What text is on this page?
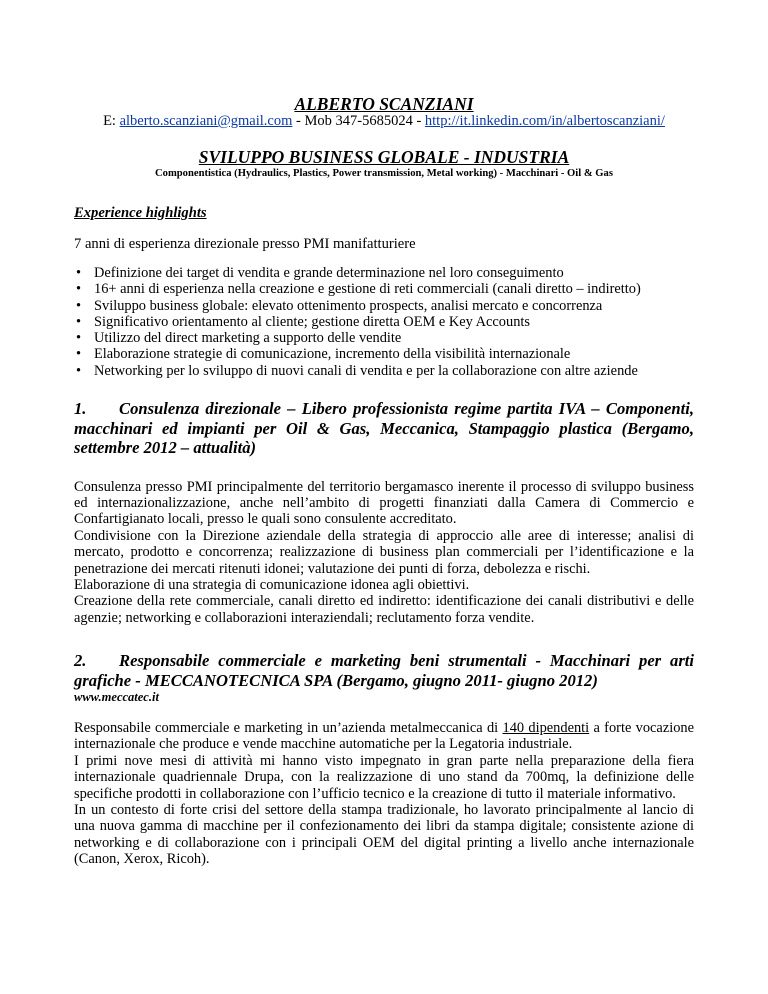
ALBERTO SCANZIANI
E: alberto.scanziani@gmail.com - Mob 347-5685024 - http://it.linkedin.com/in/albertoscanziani/
SVILUPPO BUSINESS GLOBALE - INDUSTRIA
Componentistica (Hydraulics, Plastics, Power transmission, Metal working) - Macchinari - Oil & Gas
Experience highlights
7 anni di esperienza direzionale presso PMI manifatturiere
• Definizione dei target di vendita e grande determinazione nel loro conseguimento
• 16+ anni di esperienza nella creazione e gestione di reti commerciali (canali diretto – indiretto)
• Sviluppo business globale: elevato ottenimento prospects, analisi mercato e concorrenza
• Significativo orientamento al cliente; gestione diretta OEM e Key Accounts
• Utilizzo del direct marketing a supporto delle vendite
• Elaborazione strategie di comunicazione, incremento della visibilità internazionale
• Networking per lo sviluppo di nuovi canali di vendita e per la collaborazione con altre aziende
1. Consulenza direzionale – Libero professionista regime partita IVA – Componenti, macchinari ed impianti per Oil & Gas, Meccanica, Stampaggio plastica (Bergamo, settembre 2012 – attualità)

Consulenza presso PMI principalmente del territorio bergamasco inerente il processo di sviluppo business ed internazionalizzazione, anche nell’ambito di progetti finanziati dalla Camera di Commercio e Confartigianato locali, presso le quali sono consulente accreditato.

Condivisione con la Direzione aziendale della strategia di approccio alle aree di interesse; analisi di mercato, prodotto e concorrenza; realizzazione di business plan commerciali per l’identificazione e la penetrazione dei mercati ritenuti idonei; valutazione dei punti di forza, debolezza e rischi.

Elaborazione di una strategia di comunicazione idonea agli obiettivi.

Creazione della rete commerciale, canali diretto ed indiretto: identificazione dei canali distributivi e delle agenzie; networking e collaborazioni interaziendali; reclutamento forza vendite.

2. Responsabile commerciale e marketing beni strumentali - Macchinari per arti grafiche - MECCANOTECNICA SPA (Bergamo, giugno 2011- giugno 2012)
www.meccatec.it

Responsabile commerciale e marketing in un’azienda metalmeccanica di 140 dipendenti a forte vocazione internazionale che produce e vende macchine automatiche per la Legatoria industriale.

I primi nove mesi di attività mi hanno visto impegnato in gran parte nella preparazione della fiera internazionale quadriennale Drupa, con la realizzazione di uno stand da 700mq, la definizione delle specifiche prodotti in collaborazione con l’ufficio tecnico e la creazione di tutto il materiale informativo.

In un contesto di forte crisi del settore della stampa tradizionale, ho lavorato principalmente al lancio di una nuova gamma di macchine per il confezionamento dei libri da stampa digitale; consistente azione di networking e di collaborazione con i principali OEM del digital printing a livello anche internazionale (Canon, Xerox, Ricoh).
